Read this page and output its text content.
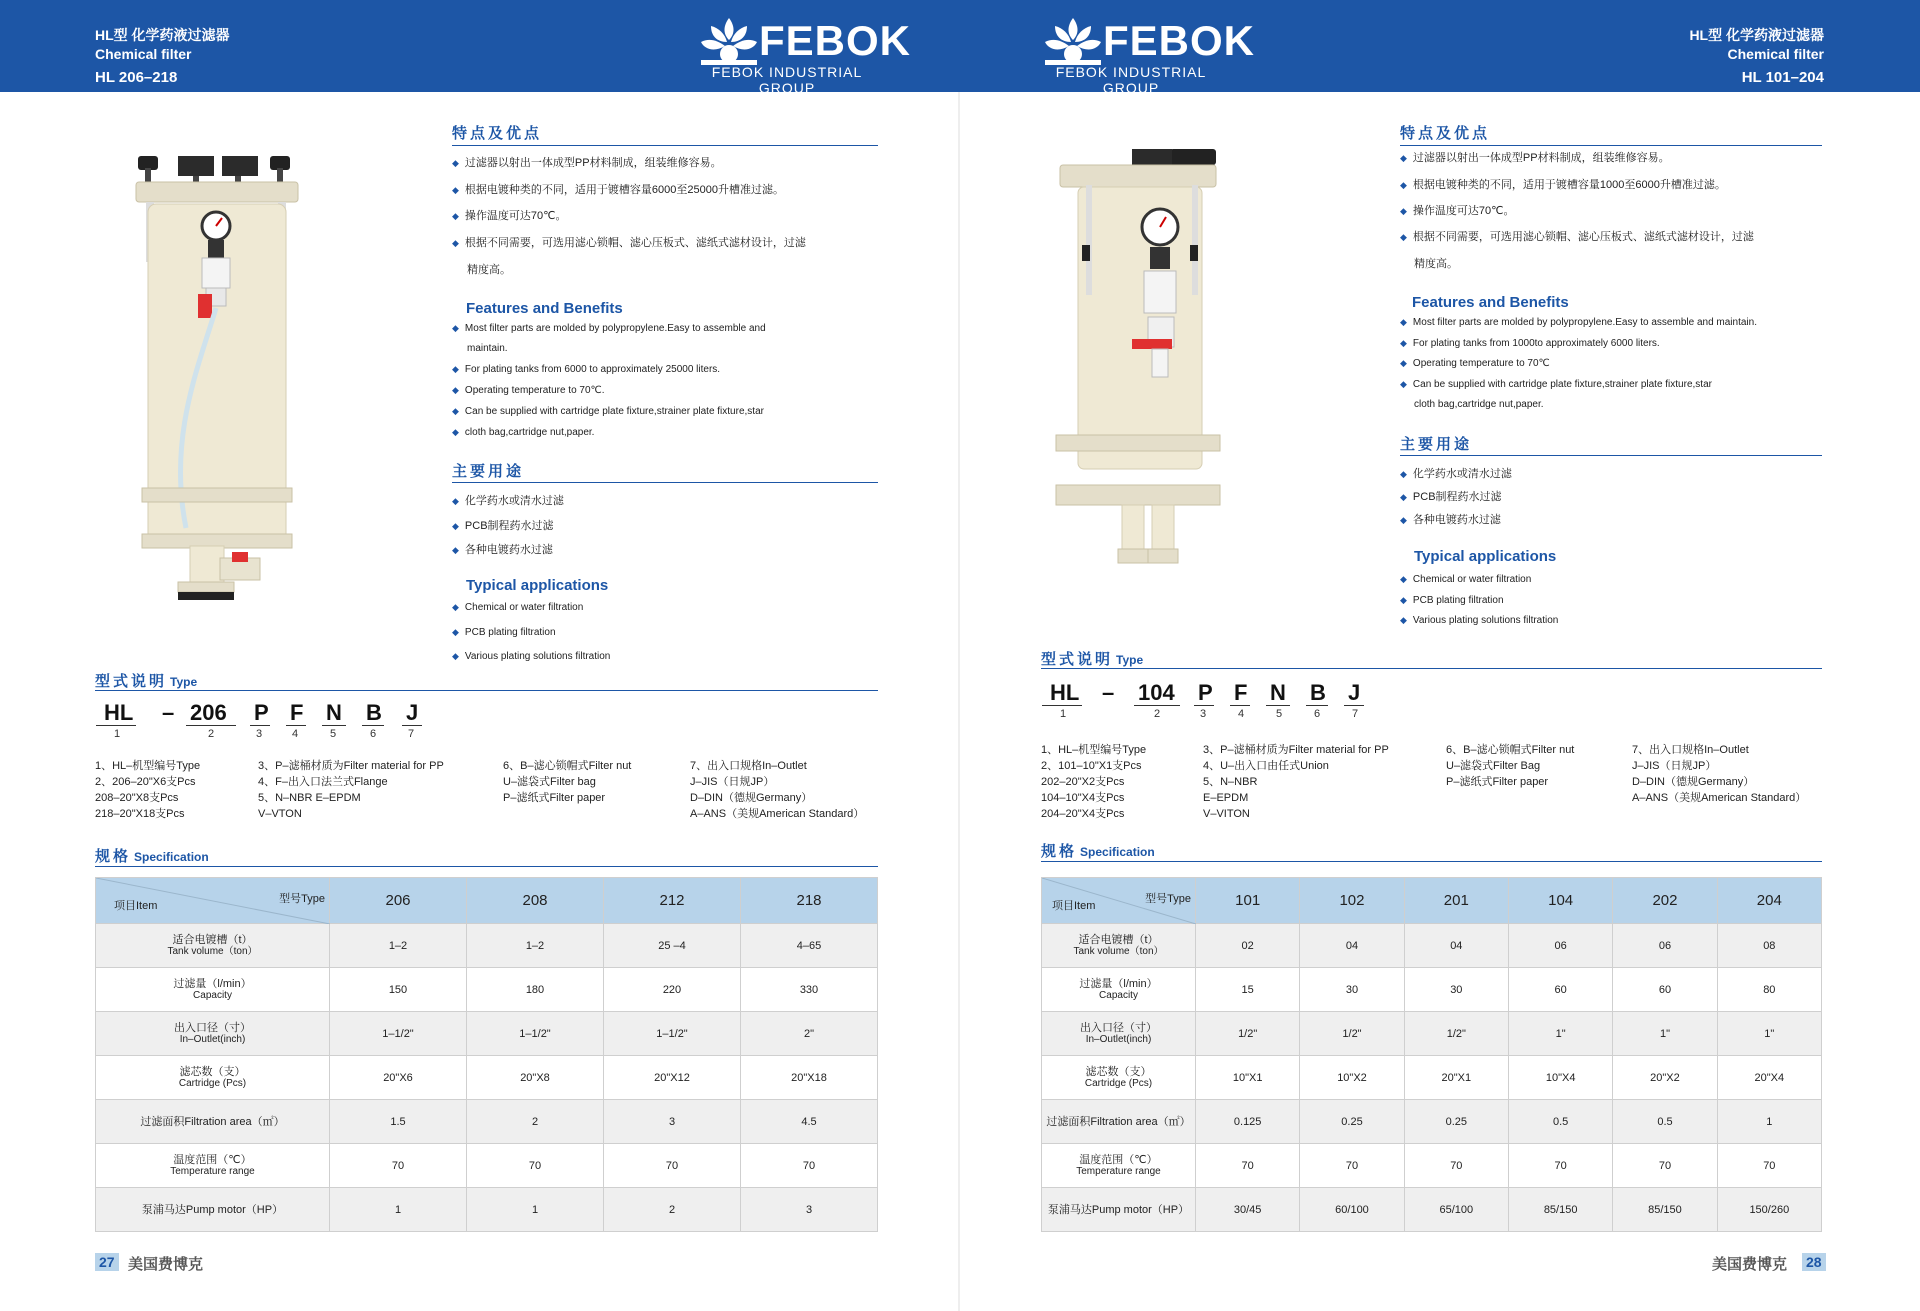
HL型 化学药液过滤器
Chemical filter
HL 206–218
FEBOK
FEBOK INDUSTRIAL GROUP
FEBOK
FEBOK INDUSTRIAL GROUP
HL型 化学药液过滤器
Chemical filter
HL 101–204
特点及优点
◆ 过滤器以射出一体成型PP材料制成，组装维修容易。
◆ 根据电镀种类的不同，适用于镀槽容量6000至25000升槽准过滤。
◆ 操作温度可达70℃。
◆ 根据不同需要，可选用滤心锁帽、滤心压板式、滤纸式滤材设计，过滤
精度高。
Features and Benefits
◆ Most filter parts are molded by polypropylene.Easy to assemble and
maintain.
◆ For plating tanks from 6000 to approximately 25000 liters.
◆ Operating temperature to 70℃.
◆ Can be supplied with cartridge plate fixture,strainer plate fixture,star
◆ cloth bag,cartridge nut,paper.
主要用途
◆ 化学药水或清水过滤
◆ PCB制程药水过滤
◆ 各种电镀药水过滤
Typical applications
◆ Chemical or water filtration
◆ PCB plating filtration
◆ Various plating solutions filtration
型式说明 Type
HL – 206 P F N B J
1	2	3	4	5	6	7
1、HL–机型编号Type
2、206–20"X6支Pcs
208–20"X8支Pcs
218–20"X18支Pcs
3、P–滤桶材质为Filter material for PP
4、F–出入口法兰式Flange
5、N–NBR E–EPDM
V–VTON
6、B–滤心锁帽式Filter nut
U–滤袋式Filter bag
P–滤纸式Filter paper
7、出入口规格In–Outlet
J–JIS（日规JP）
D–DIN（德规Germany）
A–ANS（美规American Standard）
规格 Specification
型号Type
项目Item	206	208	212	218
适合电镀槽（t）
Tank volume（ton）	1–2	1–2	25 –4	4–65
过滤量（l/min）
Capacity	150	180	220	330
出入口径（寸）
In–Outlet(inch)	1–1/2"	1–1/2"	1–1/2"	2"
滤芯数（支）
Cartridge (Pcs)	20"X6	20"X8	20"X12	20"X18
过滤面积Filtration area（㎡）	1.5	2	3	4.5
温度范围（℃）
Temperature range	70	70	70	70
泵浦马达Pump motor（HP）	1	1	2	3
27 美国费博克
特点及优点
◆ 过滤器以射出一体成型PP材料制成，组装维修容易。
◆ 根据电镀种类的不同，适用于镀槽容量1000至6000升槽准过滤。
◆ 操作温度可达70℃。
◆ 根据不同需要，可选用滤心锁帽、滤心压板式、滤纸式滤材设计，过滤
精度高。
Features and Benefits
◆ Most filter parts are molded by polypropylene.Easy to assemble and maintain.
◆ For plating tanks from 1000to approximately 6000 liters.
◆ Operating temperature to 70℃
◆ Can be supplied with cartridge plate fixture,strainer plate fixture,star
cloth bag,cartridge nut,paper.
主要用途
◆ 化学药水或清水过滤
◆ PCB制程药水过滤
◆ 各种电镀药水过滤
Typical applications
◆ Chemical or water filtration
◆ PCB plating filtration
◆ Various plating solutions filtration
型式说明 Type
HL – 104 P F N B J
1	2	3	4	5	6	7
1、HL–机型编号Type
2、101–10"X1支Pcs
202–20"X2支Pcs
104–10"X4支Pcs
204–20"X4支Pcs
3、P–滤桶材质为Filter material for PP
4、U–出入口由任式Union
5、N–NBR
E–EPDM
V–VITON
6、B–滤心锁帽式Filter nut
U–滤袋式Filter Bag
P–滤纸式Filter paper
7、出入口规格In–Outlet
J–JIS（日规JP）
D–DIN（德规Germany）
A–ANS（美规American Standard）
规格 Specification
型号Type
项目Item	101	102	201	104	202	204
适合电镀槽（t）
Tank volume（ton）	02	04	04	06	06	08
过滤量（l/min）
Capacity	15	30	30	60	60	80
出入口径（寸）
In–Outlet(inch)	1/2"	1/2"	1/2"	1"	1"	1"
滤芯数（支）
Cartridge (Pcs)	10"X1	10"X2	20"X1	10"X4	20"X2	20"X4
过滤面积Filtration area（㎡）	0.125	0.25	0.25	0.5	0.5	1
温度范围（℃）
Temperature range	70	70	70	70	70	70
泵浦马达Pump motor（HP）	30/45	60/100	65/100	85/150	85/150	150/260
美国费博克 28
